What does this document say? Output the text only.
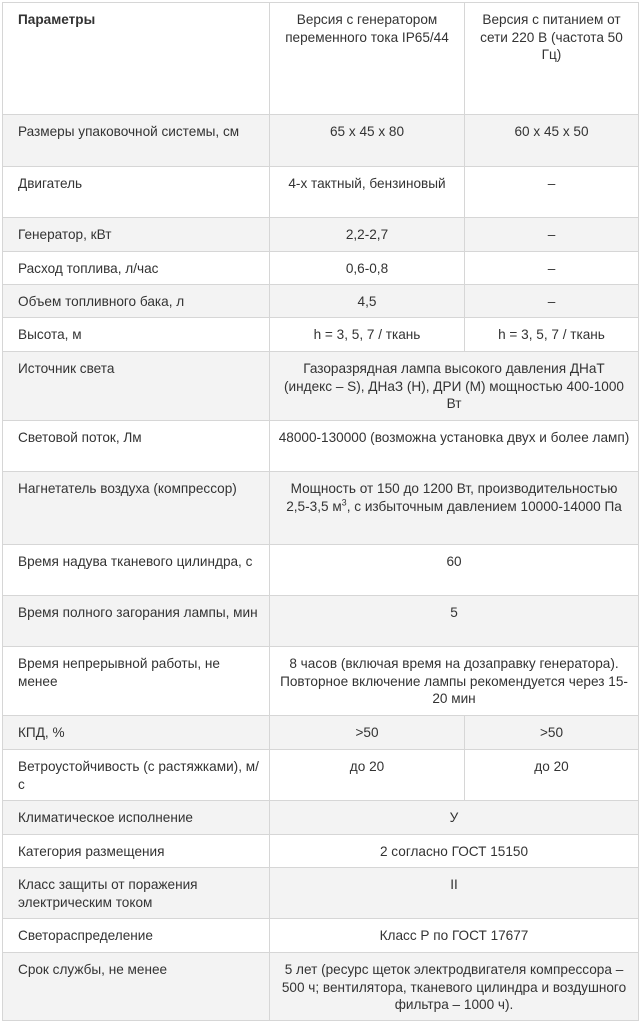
Параметры	Версия с генератором переменного тока IP65/44	Версия с питанием от сети 220 В (частота 50 Гц)

Размеры упаковочной системы, см	65 х 45 х 80	60 х 45 х 50

Двигатель	4-х тактный, бензиновый	–

Генератор, кВт	2,2-2,7	–

Расход топлива, л/час	0,6-0,8	–

Объем топливного бака, л	4,5	–

Высота, м	h = 3, 5, 7 / ткань	h = 3, 5, 7 / ткань

Источник света	Газоразрядная лампа высокого давления ДНаТ (индекс – S), ДНаЗ (Н), ДРИ (М) мощностью 400-1000 Вт	

Световой поток, Лм	48000-130000 (возможна установка двух и более ламп)	

Нагнетатель воздуха (компрессор)	Мощность от 150 до 1200 Вт, производительностью 2,5-3,5 $м^3$, с избыточным давлением 10000-14000 Па	

Время надува тканевого цилиндра, с	60	

Время полного загорания лампы, мин	5	

Время непрерывной работы, не менее	8 часов (включая время на дозаправку генератора). Повторное включение лампы рекомендуется через 15-20 мин	

КПД, %	>50	>50

Ветроустойчивость (с растяжками), м/с	до 20	до 20

Климатическое исполнение	У	

Категория размещения	2 согласно ГОСТ 15150	

Класс защиты от поражения электрическим током	II	

Светораспределение	Класс Р по ГОСТ 17677	

Срок службы, не менее	5 лет (ресурс щеток электродвигателя компрессора – 500 ч; вентилятора, тканевого цилиндра и воздушного фильтра – 1000 ч).	
